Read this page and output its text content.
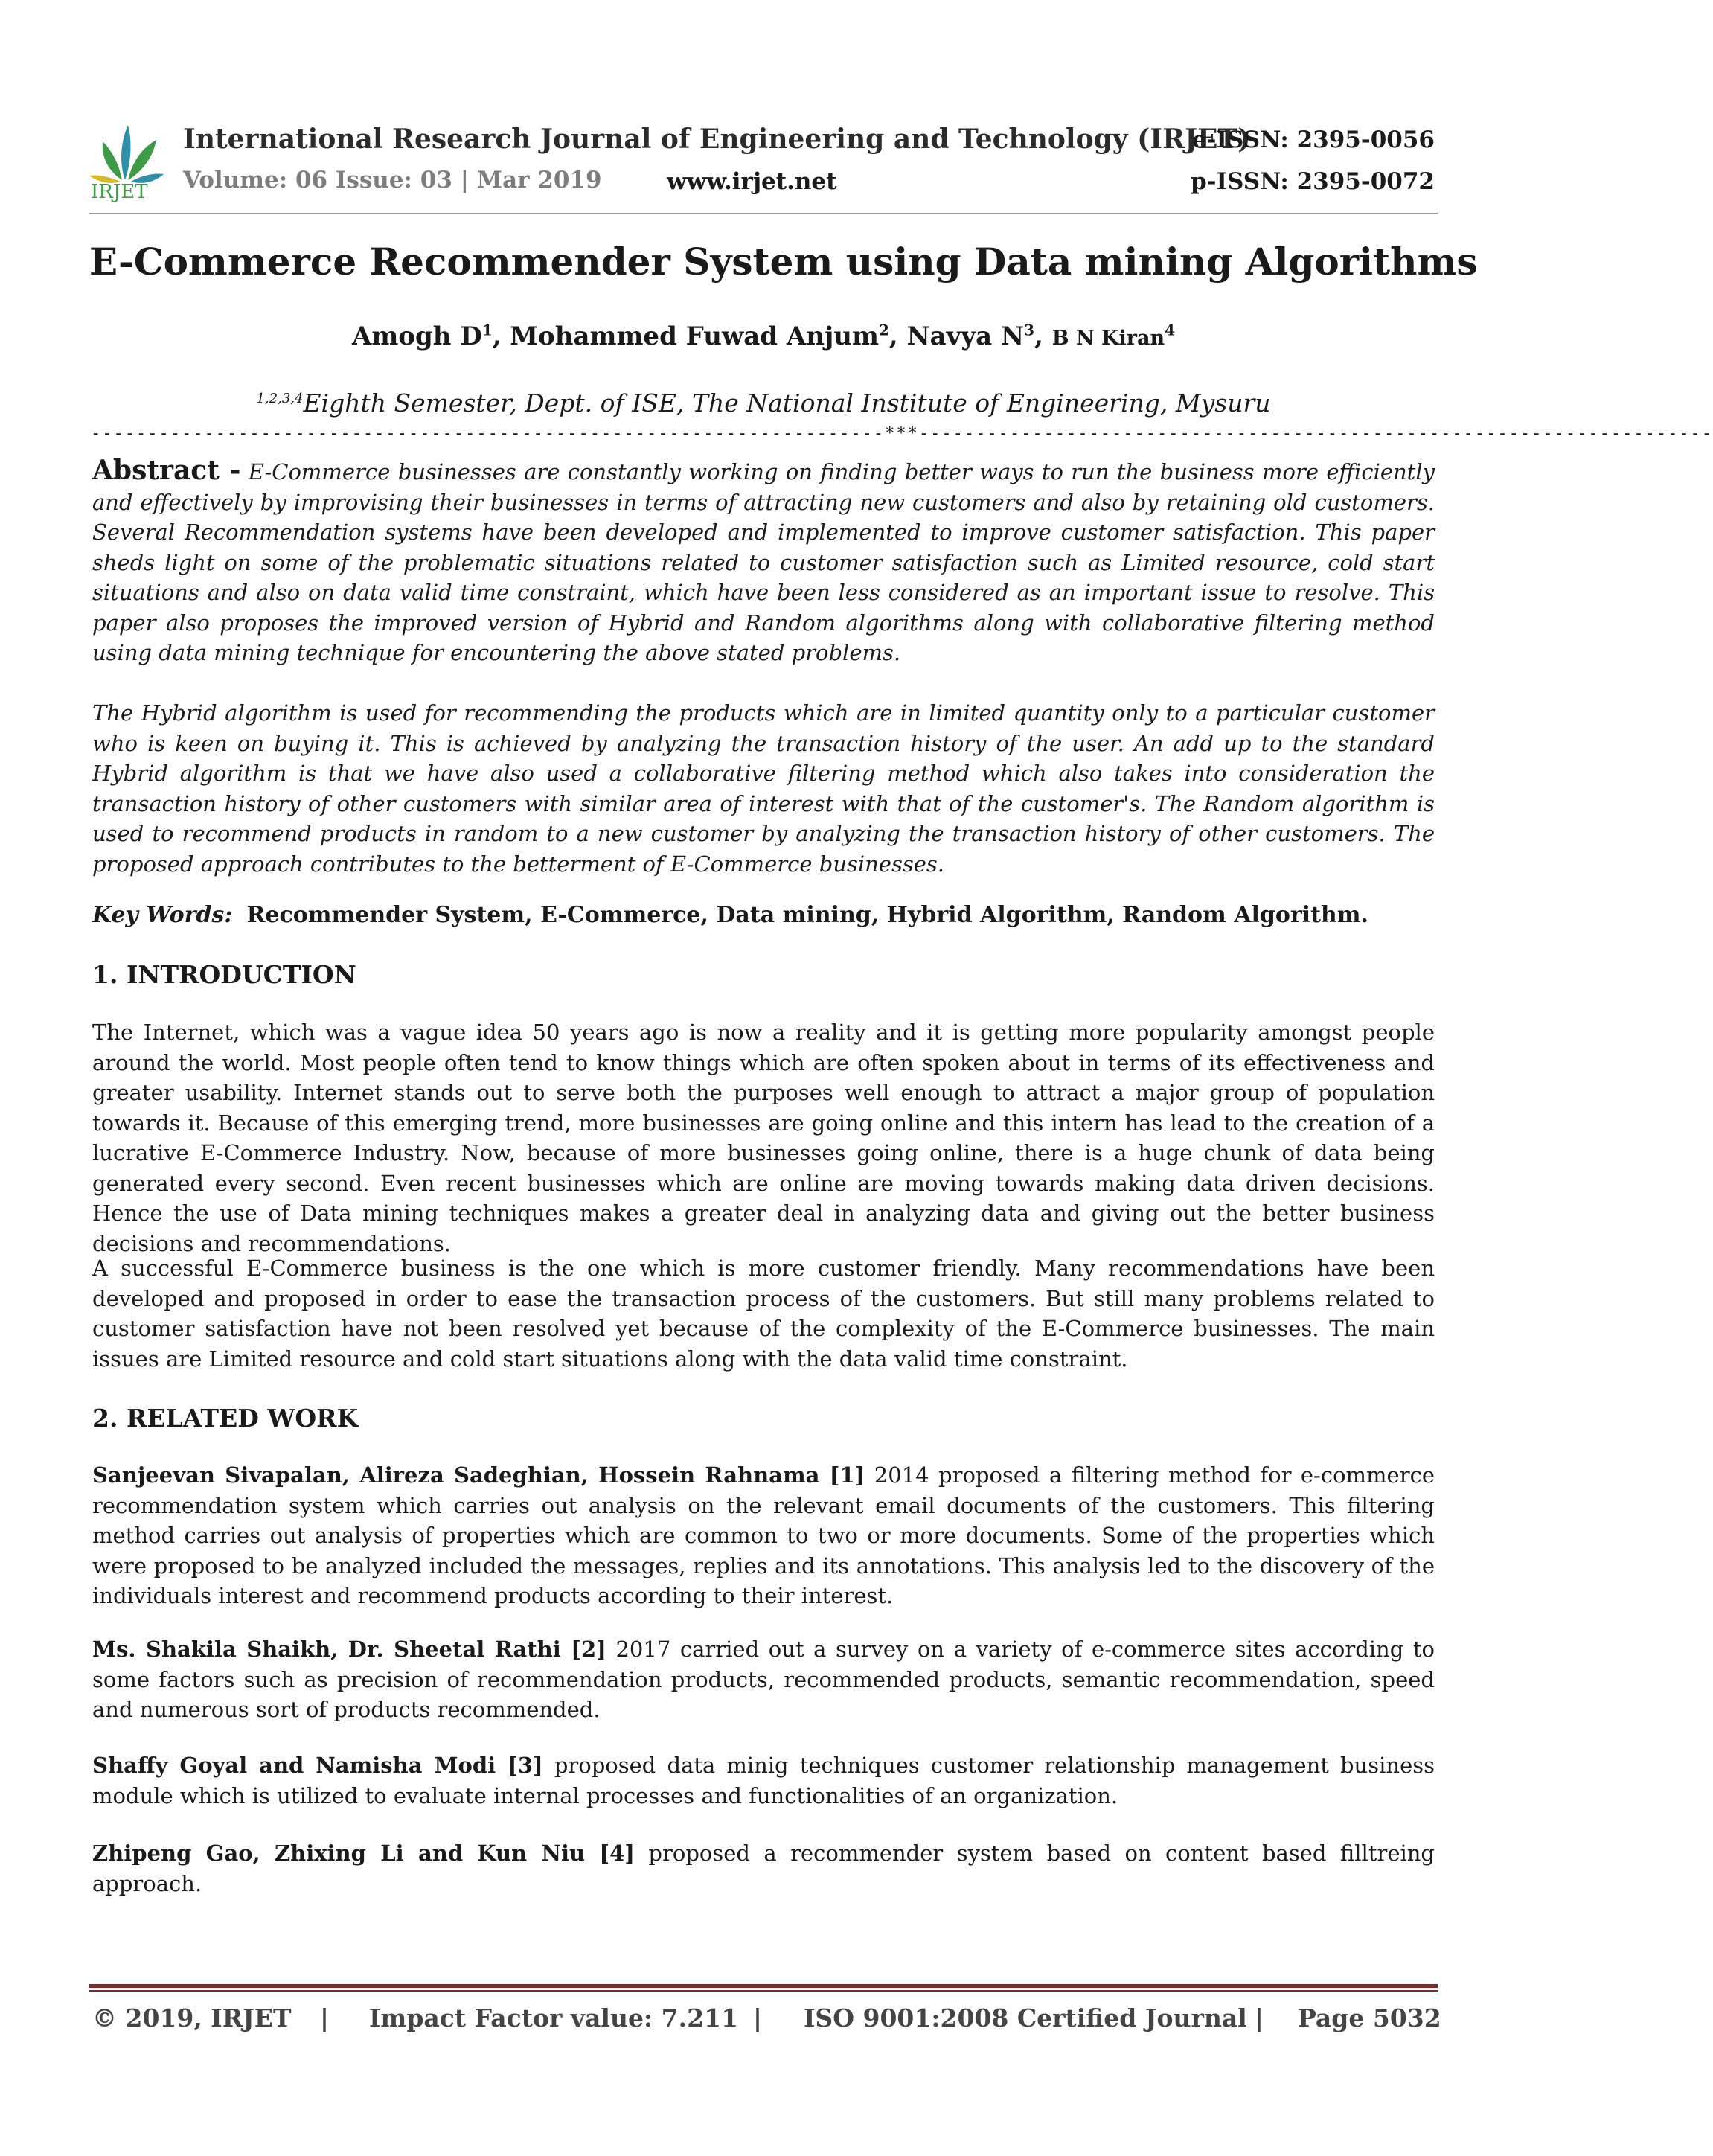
IRJET
International Research Journal of Engineering and Technology (IRJET)
e-ISSN: 2395-0056
Volume: 06 Issue: 03 | Mar 2019	www.irjet.net	p-ISSN: 2395-0072
E-Commerce Recommender System using Data mining Algorithms
Amogh $D^1$, Mohammed Fuwad Anjum$^2$, Navya $N^3$, B N Kiran$^4$
$^{1,2,3,4}$Eighth Semester, Dept. of ISE, The National Institute of Engineering, Mysuru
----------------------------------------------------------------------***----------------------------------------------------------------------
Abstract - E-Commerce businesses are constantly working on finding better ways to run the business more efficiently and effectively by improvising their businesses in terms of attracting new customers and also by retaining old customers. Several Recommendation systems have been developed and implemented to improve customer satisfaction. This paper sheds light on some of the problematic situations related to customer satisfaction such as Limited resource, cold start situations and also on data valid time constraint, which have been less considered as an important issue to resolve. This paper also proposes the improved version of Hybrid and Random algorithms along with collaborative filtering method using data mining technique for encountering the above stated problems.
The Hybrid algorithm is used for recommending the products which are in limited quantity only to a particular customer who is keen on buying it. This is achieved by analyzing the transaction history of the user. An add up to the standard Hybrid algorithm is that we have also used a collaborative filtering method which also takes into consideration the transaction history of other customers with similar area of interest with that of the customer's. The Random algorithm is used to recommend products in random to a new customer by analyzing the transaction history of other customers. The proposed approach contributes to the betterment of E-Commerce businesses.
Key Words: Recommender System, E-Commerce, Data mining, Hybrid Algorithm, Random Algorithm.
1. INTRODUCTION
The Internet, which was a vague idea 50 years ago is now a reality and it is getting more popularity amongst people around the world. Most people often tend to know things which are often spoken about in terms of its effectiveness and greater usability. Internet stands out to serve both the purposes well enough to attract a major group of population towards it. Because of this emerging trend, more businesses are going online and this intern has lead to the creation of a lucrative E-Commerce Industry. Now, because of more businesses going online, there is a huge chunk of data being generated every second. Even recent businesses which are online are moving towards making data driven decisions. Hence the use of Data mining techniques makes a greater deal in analyzing data and giving out the better business decisions and recommendations.
A successful E-Commerce business is the one which is more customer friendly. Many recommendations have been developed and proposed in order to ease the transaction process of the customers. But still many problems related to customer satisfaction have not been resolved yet because of the complexity of the E-Commerce businesses. The main issues are Limited resource and cold start situations along with the data valid time constraint.
2. RELATED WORK
Sanjeevan Sivapalan, Alireza Sadeghian, Hossein Rahnama [1] 2014 proposed a filtering method for e-commerce recommendation system which carries out analysis on the relevant email documents of the customers. This filtering method carries out analysis of properties which are common to two or more documents. Some of the properties which were proposed to be analyzed included the messages, replies and its annotations. This analysis led to the discovery of the individuals interest and recommend products according to their interest.
Ms. Shakila Shaikh, Dr. Sheetal Rathi [2] 2017 carried out a survey on a variety of e-commerce sites according to some factors such as precision of recommendation products, recommended products, semantic recommendation, speed and numerous sort of products recommended.
Shaffy Goyal and Namisha Modi [3] proposed data minig techniques customer relationship management business module which is utilized to evaluate internal processes and functionalities of an organization.
Zhipeng Gao, Zhixing Li and Kun Niu [4] proposed a recommender system based on content based filltreing approach.
© 2019, IRJET | Impact Factor value: 7.211 | ISO 9001:2008 Certified Journal | Page 5032
